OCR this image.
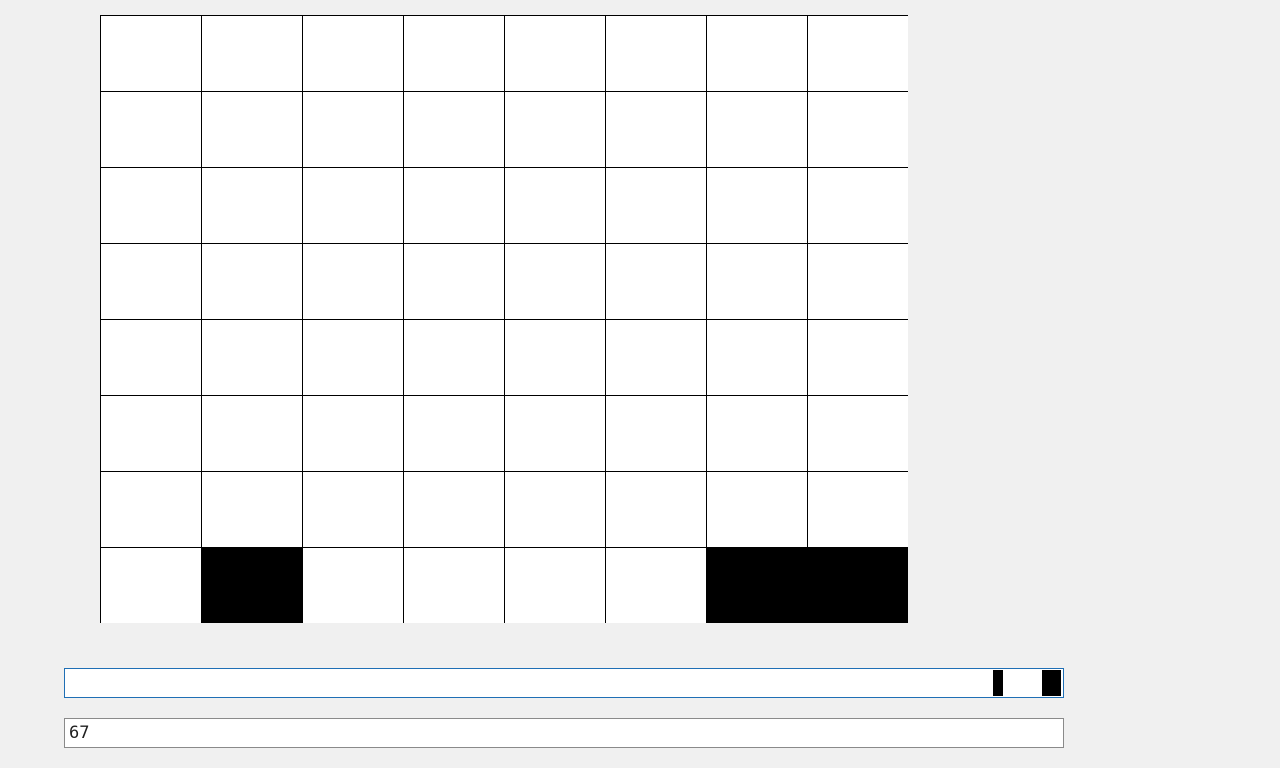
67
